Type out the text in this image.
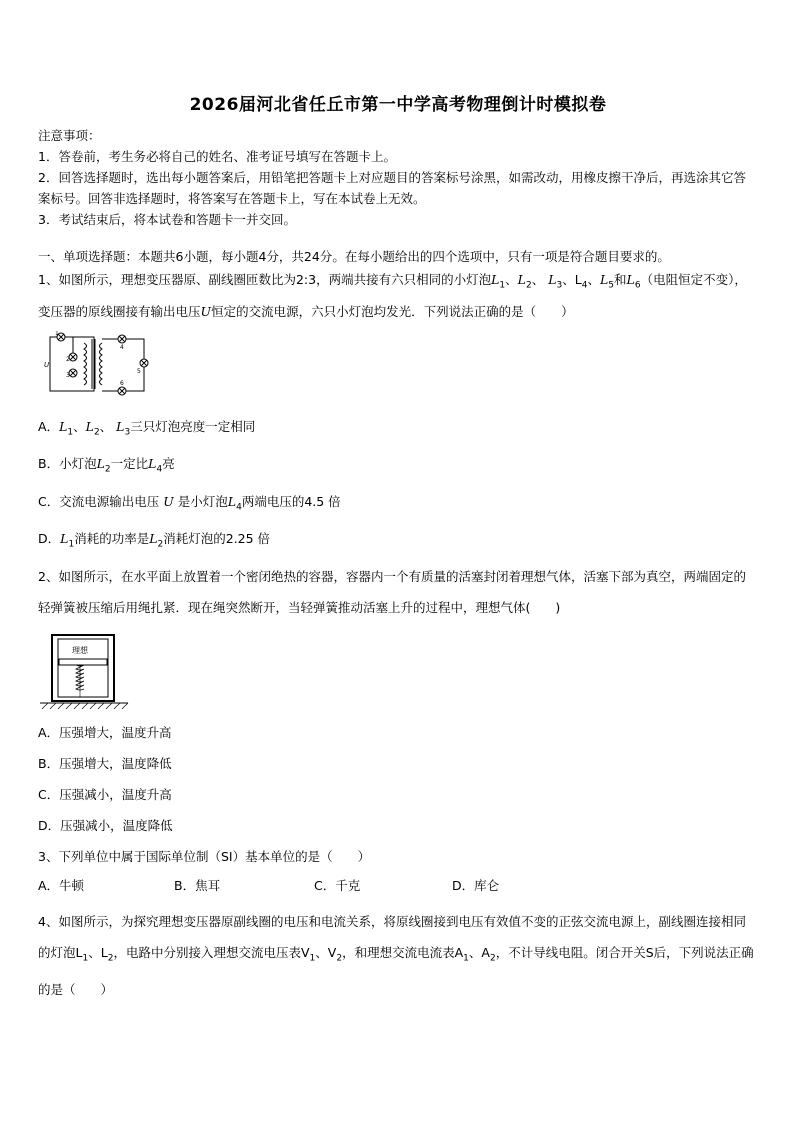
2026届河北省任丘市第一中学高考物理倒计时模拟卷

注意事项：

1．答卷前，考生务必将自己的姓名、准考证号填写在答题卡上。

2．回答选择题时，选出每小题答案后，用铅笔把答题卡上对应题目的答案标号涂黑，如需改动，用橡皮擦干净后，再选涂其它答案标号。回答非选择题时，将答案写在答题卡上，写在本试卷上无效。

3．考试结束后，将本试卷和答题卡一并交回。

一、单项选择题：本题共6小题，每小题4分，共24分。在每小题给出的四个选项中，只有一项是符合题目要求的。

1、如图所示，理想变压器原、副线圈匝数比为2:3，两端共接有六只相同的小灯泡$L_1$、$L_2$、 $L_3$、$L_4$、$L_5$和$L_6$（电阻恒定不变），变压器的原线圈接有输出电压U恒定的交流电源，六只小灯泡均发光．下列说法正确的是（　　）

1
2
3
4
5
6
U

A．$L_1$、$L_2$、 $L_3$三只灯泡亮度一定相同

B．小灯泡$L_2$一定比$L_4$亮

C．交流电源输出电压 U 是小灯泡$L_4$两端电压的4.5 倍

D．$L_1$消耗的功率是$L_2$消耗灯泡的2.25 倍

2、如图所示，在水平面上放置着一个密闭绝热的容器，容器内一个有质量的活塞封闭着理想气体，活塞下部为真空，两端固定的轻弹簧被压缩后用绳扎紧．现在绳突然断开，当轻弹簧推动活塞上升的过程中，理想气体(　　)

理想

A．压强增大，温度升高

B．压强增大，温度降低

C．压强减小，温度升高

D．压强减小，温度降低

3、下列单位中属于国际单位制（SI）基本单位的是（　　）

A．牛顿	B．焦耳	C．千克	D．库仑

4、如图所示，为探究理想变压器原副线圈的电压和电流关系，将原线圈接到电压有效值不变的正弦交流电源上，副线圈连接相同的灯泡$L_1$、$L_2$，电路中分别接入理想交流电压表$V_1$、$V_2$，和理想交流电流表$A_1$、$A_2$，不计导线电阻。闭合开关S后，下列说法正确的是（　　）
